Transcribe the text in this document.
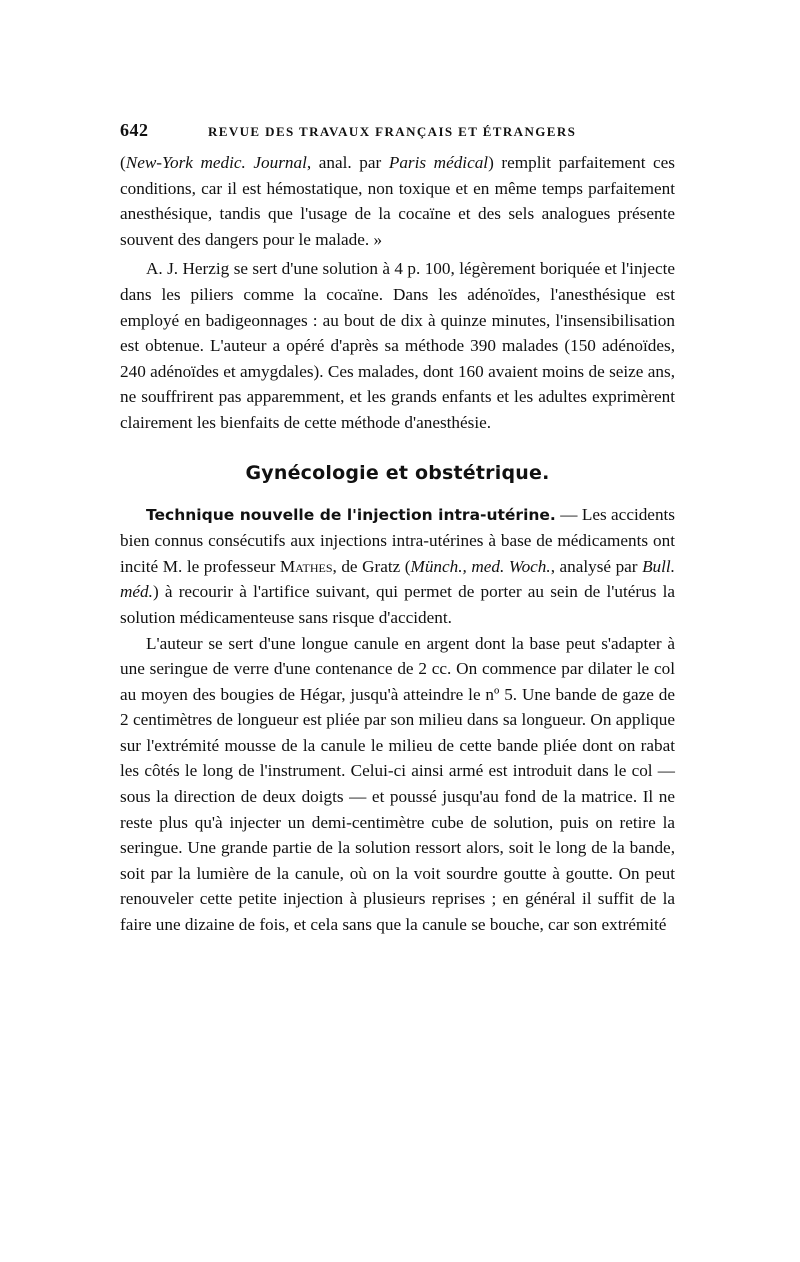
642	REVUE DES TRAVAUX FRANÇAIS ET ÉTRANGERS

(New-York medic. Journal, anal. par Paris médical) remplit parfaitement ces conditions, car il est hémostatique, non toxique et en même temps parfaitement anesthésique, tandis que l'usage de la cocaïne et des sels analogues présente souvent des dangers pour le malade. »

A. J. Herzig se sert d'une solution à 4 p. 100, légèrement boriquée et l'injecte dans les piliers comme la cocaïne. Dans les adénoïdes, l'anesthésique est employé en badigeonnages : au bout de dix à quinze minutes, l'insensibilisation est obtenue. L'auteur a opéré d'après sa méthode 390 malades (150 adénoïdes, 240 adénoïdes et amygdales). Ces malades, dont 160 avaient moins de seize ans, ne souffrirent pas apparemment, et les grands enfants et les adultes exprimèrent clairement les bienfaits de cette méthode d'anesthésie.

Gynécologie et obstétrique.

Technique nouvelle de l'injection intra-utérine. — Les accidents bien connus consécutifs aux injections intra-utérines à base de médicaments ont incité M. le professeur Mathes, de Gratz (Münch., med. Woch., analysé par Bull. méd.) à recourir à l'artifice suivant, qui permet de porter au sein de l'utérus la solution médicamenteuse sans risque d'accident.

L'auteur se sert d'une longue canule en argent dont la base peut s'adapter à une seringue de verre d'une contenance de 2 cc. On commence par dilater le col au moyen des bougies de Hégar, jusqu'à atteindre le nº 5. Une bande de gaze de 2 centimètres de longueur est pliée par son milieu dans sa longueur. On applique sur l'extrémité mousse de la canule le milieu de cette bande pliée dont on rabat les côtés le long de l'instrument. Celui-ci ainsi armé est introduit dans le col — sous la direction de deux doigts — et poussé jusqu'au fond de la matrice. Il ne reste plus qu'à injecter un demi-centimètre cube de solution, puis on retire la seringue. Une grande partie de la solution ressort alors, soit le long de la bande, soit par la lumière de la canule, où on la voit sourdre goutte à goutte. On peut renouveler cette petite injection à plusieurs reprises ; en général il suffit de la faire une dizaine de fois, et cela sans que la canule se bouche, car son extrémité
